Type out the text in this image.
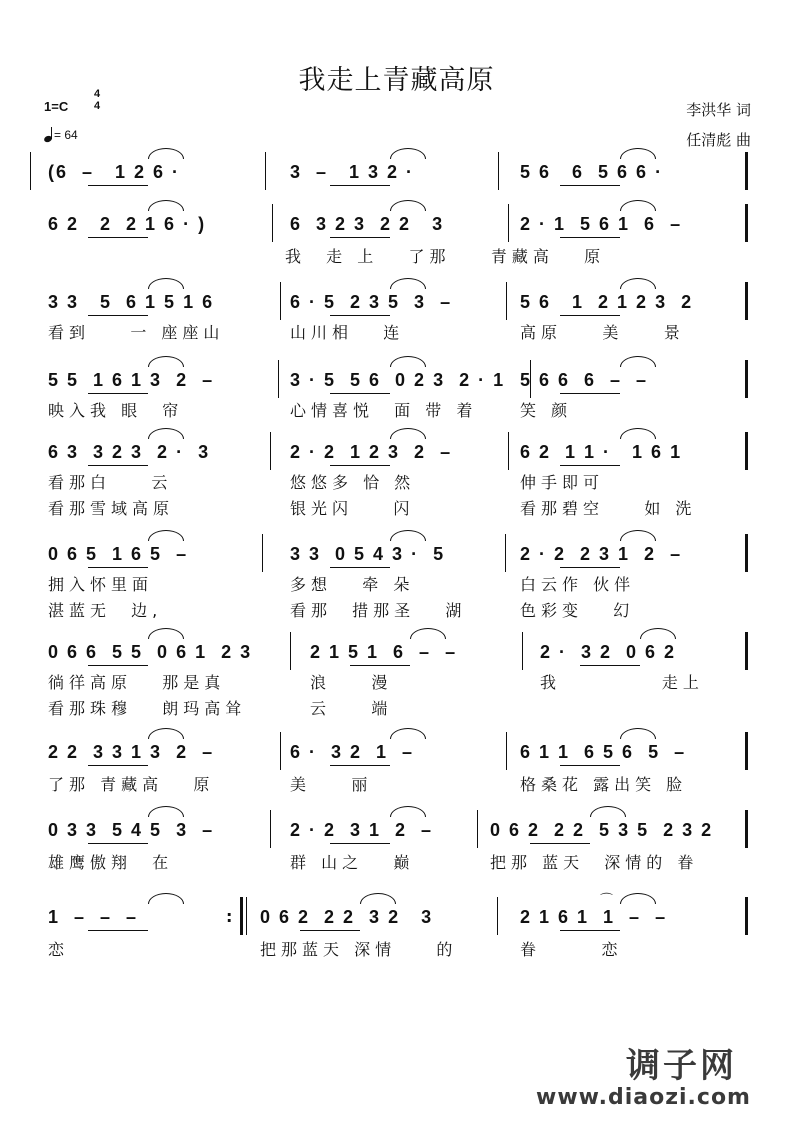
我走上青藏高原
1=C
4
4
= 64
李洪华 词
任清彪 曲
(6  –   1 2 6 ·	3  –   1 3 2 ·	5 6   6  5 6 6 ·
6 2   2  2 1 6 · )	6  3 2 3  2 2   3	2 · 1  5 6 1  6  –
我  走 上   了那    青藏高   原
3 3   5  6 1 5 1 6	6 · 5  2 3 5  3  –	5 6   1  2 1 2 3  2
看到    一 座座山	山川相   连	高原    美    景
5 5  1 6 1 3  2  –	3 · 5  5 6  0 2 3  2 · 1 5 6 6  6  –  –
映入我 眼  帘	心情喜悦  面 带 着	笑 颜
6 3  3 2 3  2 ·  3	2 · 2  1 2 3  2  –	6 2  1 1 ·   1 6 1
看那白    云	悠悠多 恰 然	伸手即可
看那雪域高原	银光闪    闪	看那碧空    如 洗
0 6 5  1 6 5  –	3 3  0 5 4 3 ·  5	2 · 2  2 3 1  2  –
拥入怀里面	多想   牵 朵	白云作 伙伴
湛蓝无  边,	看那  措那圣   湖	色彩变   幻
0 6 6  5 5  0 6 1  2 3	2 1 5 1  6  –  –	2 ·  3 2  0 6 2
徜徉高原   那是真	浪    漫	我          走上
看那珠穆   朗玛高耸	云    端
2 2  3 3 1 3  2  –	6 ·  3 2  1  –	6 1 1  6 5 6  5  –
了那 青藏高   原	美    丽	格桑花 露出笑 脸
0 3 3  5 4 5  3  –	2 · 2  3 1  2  –	0 6 2  2 2  5 3 5  2 3 2
雄鹰傲翔  在	群 山之   巅	把那 蓝天  深情的 眷
1  –  –  –	0 6 2  2 2  3 2   3	2 1 6 1  1  –  –
恋	把那蓝天 深情    的	眷      恋
:
⌒
调子网
www.diaozi.com
